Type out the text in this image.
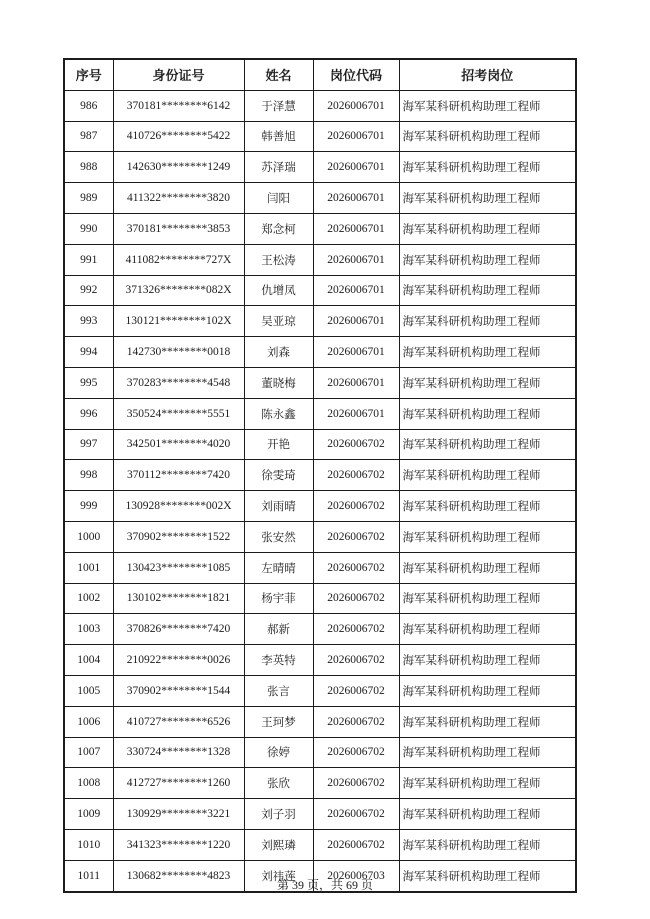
序号	身份证号	姓名	岗位代码	招考岗位
986	370181********6142	于泽慧	2026006701	海军某科研机构助理工程师
987	410726********5422	韩善旭	2026006701	海军某科研机构助理工程师
988	142630********1249	苏泽瑞	2026006701	海军某科研机构助理工程师
989	411322********3820	闫阳	2026006701	海军某科研机构助理工程师
990	370181********3853	郑念柯	2026006701	海军某科研机构助理工程师
991	411082********727X	王松涛	2026006701	海军某科研机构助理工程师
992	371326********082X	仇增凤	2026006701	海军某科研机构助理工程师
993	130121********102X	吴亚琼	2026006701	海军某科研机构助理工程师
994	142730********0018	刘森	2026006701	海军某科研机构助理工程师
995	370283********4548	董晓梅	2026006701	海军某科研机构助理工程师
996	350524********5551	陈永鑫	2026006701	海军某科研机构助理工程师
997	342501********4020	开艳	2026006702	海军某科研机构助理工程师
998	370112********7420	徐雯琦	2026006702	海军某科研机构助理工程师
999	130928********002X	刘雨晴	2026006702	海军某科研机构助理工程师
1000	370902********1522	张安然	2026006702	海军某科研机构助理工程师
1001	130423********1085	左晴晴	2026006702	海军某科研机构助理工程师
1002	130102********1821	杨宇菲	2026006702	海军某科研机构助理工程师
1003	370826********7420	郝新	2026006702	海军某科研机构助理工程师
1004	210922********0026	李英特	2026006702	海军某科研机构助理工程师
1005	370902********1544	张言	2026006702	海军某科研机构助理工程师
1006	410727********6526	王珂梦	2026006702	海军某科研机构助理工程师
1007	330724********1328	徐婷	2026006702	海军某科研机构助理工程师
1008	412727********1260	张欣	2026006702	海军某科研机构助理工程师
1009	130929********3221	刘子羽	2026006702	海军某科研机构助理工程师
1010	341323********1220	刘熙璘	2026006702	海军某科研机构助理工程师
1011	130682********4823	刘祎莲	2026006703	海军某科研机构助理工程师
第 39 页，共 69 页
